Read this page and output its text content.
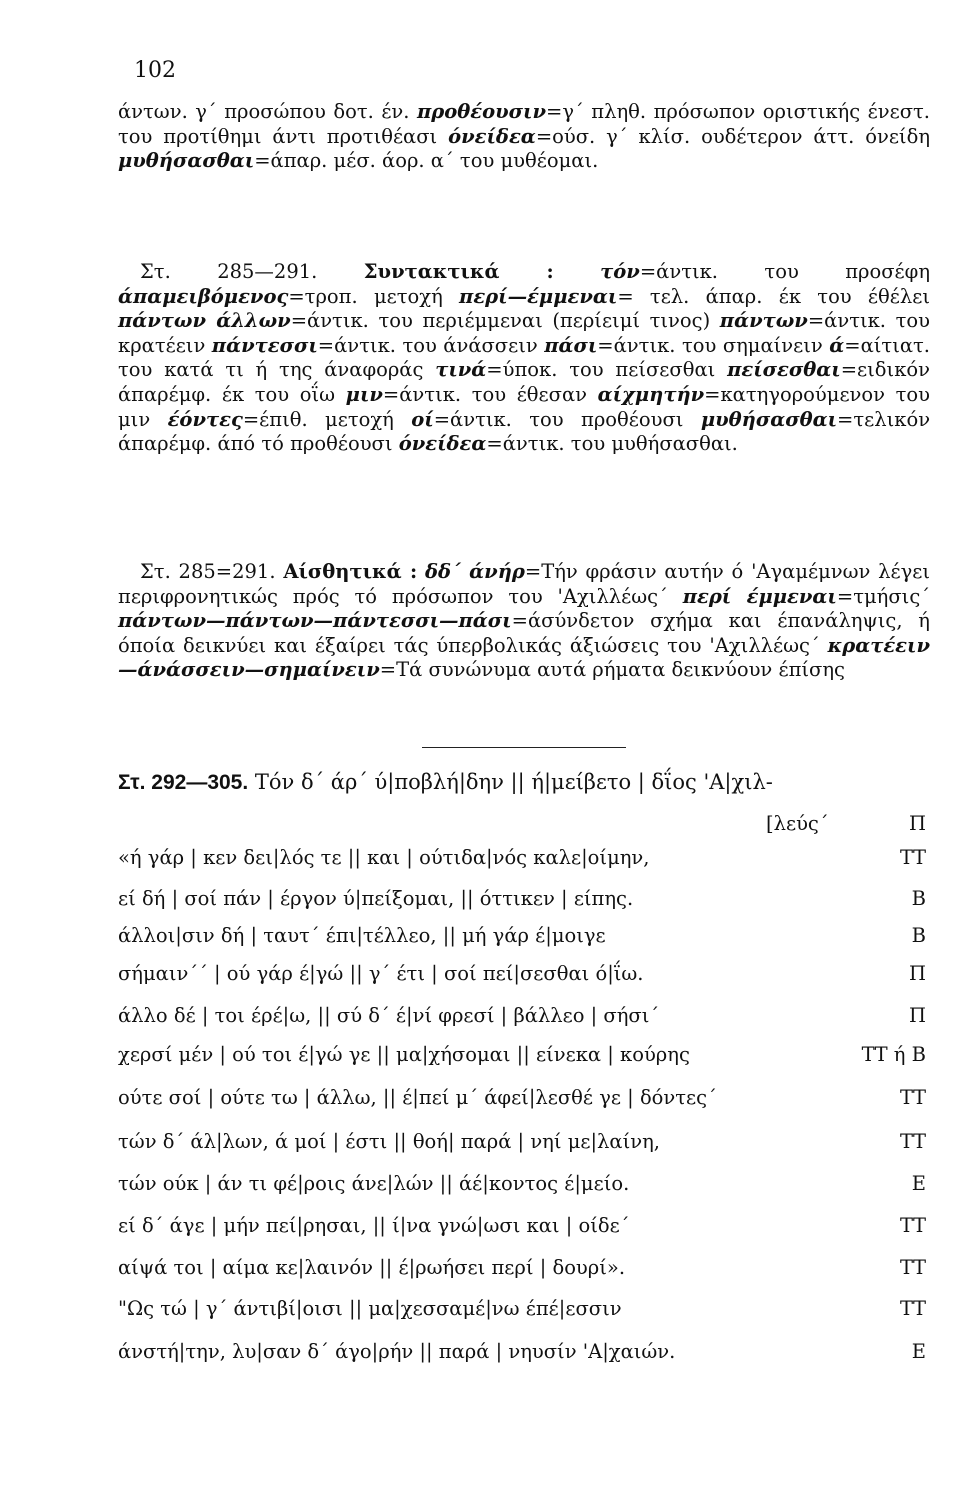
102

άντων. γ΄ προσώπου δοτ. έν. προθέουσιν=γ΄ πληθ. πρόσωπον οριστικής ένεστ. του προτίθημι άντι προτιθέασι όνείδεα=ούσ. γ΄ κλίσ. ουδέτερον άττ. όνείδη μυθήσασθαι=άπαρ. μέσ. άορ. α΄ του μυθέομαι.

Στ. 285—291. Συντακτικά : τόν=άντικ. του προσέφη άπαμειβόμενος=τροπ. μετοχή περί—έμμεναι= τελ. άπαρ. έκ του έθέλει πάντων άλλων=άντικ. του περιέμμεναι (περίειμί τινος) πάντων=άντικ. του κρατέειν πάντεσσι=άντικ. του άνάσσειν πάσι=άντικ. του σημαίνειν ά=αίτιατ. του κατά τι ή της άναφοράς τινά=ύποκ. του πείσεσθαι πείσεσθαι=ειδικόν άπαρέμφ. έκ του οΐω μιν=άντικ. του έθεσαν αίχμητήν=κατηγορούμενον του μιν έόντες=έπιθ. μετοχή οί=άντικ. του προθέουσι μυθήσασθαι=τελικόν άπαρέμφ. άπό τό προθέουσι όνείδεα=άντικ. του μυθήσασθαι.

Στ. 285=291. Αίσθητικά : δδ΄ άνήρ=Τήν φράσιν αυτήν ό 'Αγαμέμνων λέγει περιφρονητικώς πρός τό πρόσωπον του 'Αχιλλέως΄ περί έμμεναι=τμήσις΄ πάντων—πάντων—πάντεσσι—πάσι=άσύνδετον σχήμα και έπανάληψις, ή όποία δεικνύει και έξαίρει τάς ύπερβολικάς άξιώσεις του 'Αχιλλέως΄ κρατέειν—άνάσσειν—σημαίνειν=Τά συνώνυμα αυτά ρήματα δεικνύουν έπίσης

Στ. 292—305. Τόν δ΄ άρ΄ ύ|ποβλή|δην || ή|μείβετο | δΐος 'Α|χιλ-
[λεύς΄	Π
«ή γάρ | κεν δει|λός τε || και | ούτιδα|νός καλε|οίμην,	ΤΤ
εί δή | σοί πάν | έργον ύ|πείξομαι, || όττικεν | είπης.	Β
άλλοι|σιν δή | ταυτ΄ έπι|τέλλεο, || μή γάρ έ|μοιγε	Β
σήμαιν΄΄ | ού γάρ έ|γώ || γ΄ έτι | σοί πεί|σεσθαι ό|ΐω.	Π
άλλο δέ | τοι έρέ|ω, || σύ δ΄ έ|νί φρεσί | βάλλεο | σήσι΄	Π
χερσί μέν | ού τοι έ|γώ γε || μα|χήσομαι || είνεκα | κούρης	ΤΤ ή Β
ούτε σοί | ούτε τω | άλλω, || έ|πεί μ΄ άφεί|λεσθέ γε | δόντες΄	ΤΤ
τών δ΄ άλ|λων, ά μοί | έστι || θοή| παρά | νηί με|λαίνη,	ΤΤ
τών ούκ | άν τι φέ|ροις άνε|λών || άέ|κοντος έ|μείο.	Ε
εί δ΄ άγε | μήν πεί|ρησαι, || ί|να γνώ|ωσι και | οίδε΄	ΤΤ
αίψά τοι | αίμα κε|λαινόν || έ|ρωήσει περί | δουρί».	ΤΤ
"Ως τώ | γ΄ άντιβί|οισι || μα|χεσσαμέ|νω έπέ|εσσιν	ΤΤ
άνστή|την, λυ|σαν δ΄ άγο|ρήν || παρά | νηυσίν 'Α|χαιών.	Ε
